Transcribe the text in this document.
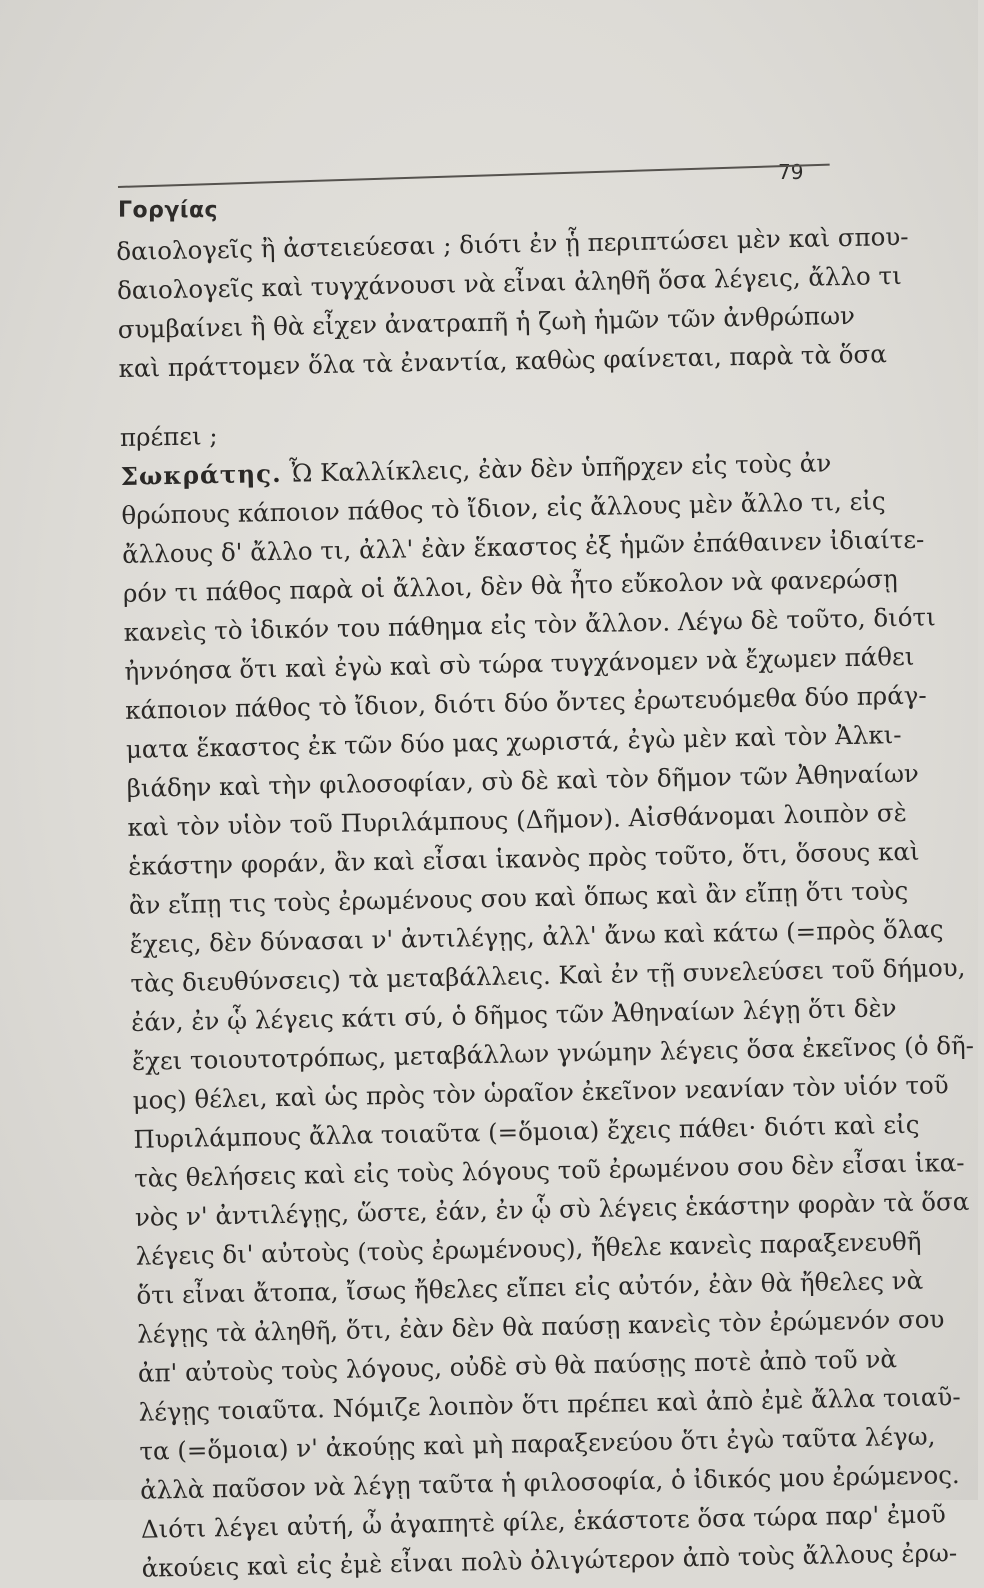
79
Γοργίας
δαιολογεῖς ἢ ἀστειεύεσαι ; διότι ἐν ᾗ περιπτώσει μὲν καὶ σπου-
δαιολογεῖς καὶ τυγχάνουσι νὰ εἶναι ἀληθῆ ὅσα λέγεις, ἄλλο τι
συμβαίνει ἢ θὰ εἶχεν ἀνατραπῆ ἡ ζωὴ ἡμῶν τῶν ἀνθρώπων
καὶ πράττομεν ὅλα τὰ ἐναντία, καθὼς φαίνεται, παρὰ τὰ ὅσα
πρέπει ;
Σωκράτης. Ὦ Καλλίκλεις, ἐὰν δὲν ὑπῆρχεν εἰς τοὺς ἀν
θρώπους κάποιον πάθος τὸ ἴδιον, εἰς ἄλλους μὲν ἄλλο τι, εἰς
ἄλλους δ' ἄλλο τι, ἀλλ' ἐὰν ἕκαστος ἐξ ἡμῶν ἐπάθαινεν ἰδιαίτε-
ρόν τι πάθος παρὰ οἱ ἄλλοι, δὲν θὰ ἦτο εὔκολον νὰ φανερώσῃ
κανεὶς τὸ ἰδικόν του πάθημα εἰς τὸν ἄλλον. Λέγω δὲ τοῦτο, διότι
ἠννόησα ὅτι καὶ ἐγὼ καὶ σὺ τώρα τυγχάνομεν νὰ ἔχωμεν πάθει
κάποιον πάθος τὸ ἴδιον, διότι δύο ὄντες ἐρωτευόμεθα δύο πράγ-
ματα ἕκαστος ἐκ τῶν δύο μας χωριστά, ἐγὼ μὲν καὶ τὸν Ἀλκι-
βιάδην καὶ τὴν φιλοσοφίαν, σὺ δὲ καὶ τὸν δῆμον τῶν Ἀθηναίων
καὶ τὸν υἱὸν τοῦ Πυριλάμπους (Δῆμον). Αἰσθάνομαι λοιπὸν σὲ
ἑκάστην φοράν, ἂν καὶ εἶσαι ἱκανὸς πρὸς τοῦτο, ὅτι, ὅσους καὶ
ἂν εἴπῃ τις τοὺς ἐρωμένους σου καὶ ὅπως καὶ ἂν εἴπῃ ὅτι τοὺς
ἔχεις, δὲν δύνασαι ν' ἀντιλέγῃς, ἀλλ' ἄνω καὶ κάτω (=πρὸς ὅλας
τὰς διευθύνσεις) τὰ μεταβάλλεις. Καὶ ἐν τῇ συνελεύσει τοῦ δήμου,
ἐάν, ἐν ᾧ λέγεις κάτι σύ, ὁ δῆμος τῶν Ἀθηναίων λέγῃ ὅτι δὲν
ἔχει τοιουτοτρόπως, μεταβάλλων γνώμην λέγεις ὅσα ἐκεῖνος (ὁ δῆ-
μος) θέλει, καὶ ὡς πρὸς τὸν ὡραῖον ἐκεῖνον νεανίαν τὸν υἱόν τοῦ
Πυριλάμπους ἄλλα τοιαῦτα (=ὅμοια) ἔχεις πάθει· διότι καὶ εἰς
τὰς θελήσεις καὶ εἰς τοὺς λόγους τοῦ ἐρωμένου σου δὲν εἶσαι ἱκα-
νὸς ν' ἀντιλέγῃς, ὥστε, ἐάν, ἐν ᾧ σὺ λέγεις ἑκάστην φορὰν τὰ ὅσα
λέγεις δι' αὐτοὺς (τοὺς ἐρωμένους), ἤθελε κανεὶς παραξενευθῆ
ὅτι εἶναι ἄτοπα, ἴσως ἤθελες εἴπει εἰς αὐτόν, ἐὰν θὰ ἤθελες νὰ
λέγῃς τὰ ἀληθῆ, ὅτι, ἐὰν δὲν θὰ παύσῃ κανεὶς τὸν ἐρώμενόν σου
ἀπ' αὐτοὺς τοὺς λόγους, οὐδὲ σὺ θὰ παύσῃς ποτὲ ἀπὸ τοῦ νὰ
λέγῃς τοιαῦτα. Νόμιζε λοιπὸν ὅτι πρέπει καὶ ἀπὸ ἐμὲ ἄλλα τοιαῦ-
τα (=ὅμοια) ν' ἀκούῃς καὶ μὴ παραξενεύου ὅτι ἐγὼ ταῦτα λέγω,
ἀλλὰ παῦσον νὰ λέγῃ ταῦτα ἡ φιλοσοφία, ὁ ἰδικός μου ἐρώμενος.
Διότι λέγει αὐτή, ὦ ἀγαπητὲ φίλε, ἑκάστοτε ὅσα τώρα παρ' ἐμοῦ
ἀκούεις καὶ εἰς ἐμὲ εἶναι πολὺ ὀλιγώτερον ἀπὸ τοὺς ἄλλους ἐρω-
